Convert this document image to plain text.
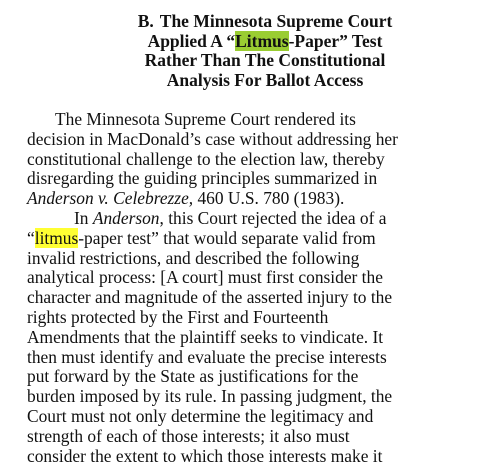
B. The Minnesota Supreme Court
Applied A “Litmus-Paper” Test
Rather Than The Constitutional
Analysis For Ballot Access
The Minnesota Supreme Court rendered its
decision in MacDonald’s case without addressing her
constitutional challenge to the election law, thereby
disregarding the guiding principles summarized in
Anderson v. Celebrezze, 460 U.S. 780 (1983).
In Anderson, this Court rejected the idea of a
“litmus-paper test” that would separate valid from
invalid restrictions, and described the following
analytical process: [A court] must first consider the
character and magnitude of the asserted injury to the
rights protected by the First and Fourteenth
Amendments that the plaintiff seeks to vindicate. It
then must identify and evaluate the precise interests
put forward by the State as justifications for the
burden imposed by its rule. In passing judgment, the
Court must not only determine the legitimacy and
strength of each of those interests; it also must
consider the extent to which those interests make it
